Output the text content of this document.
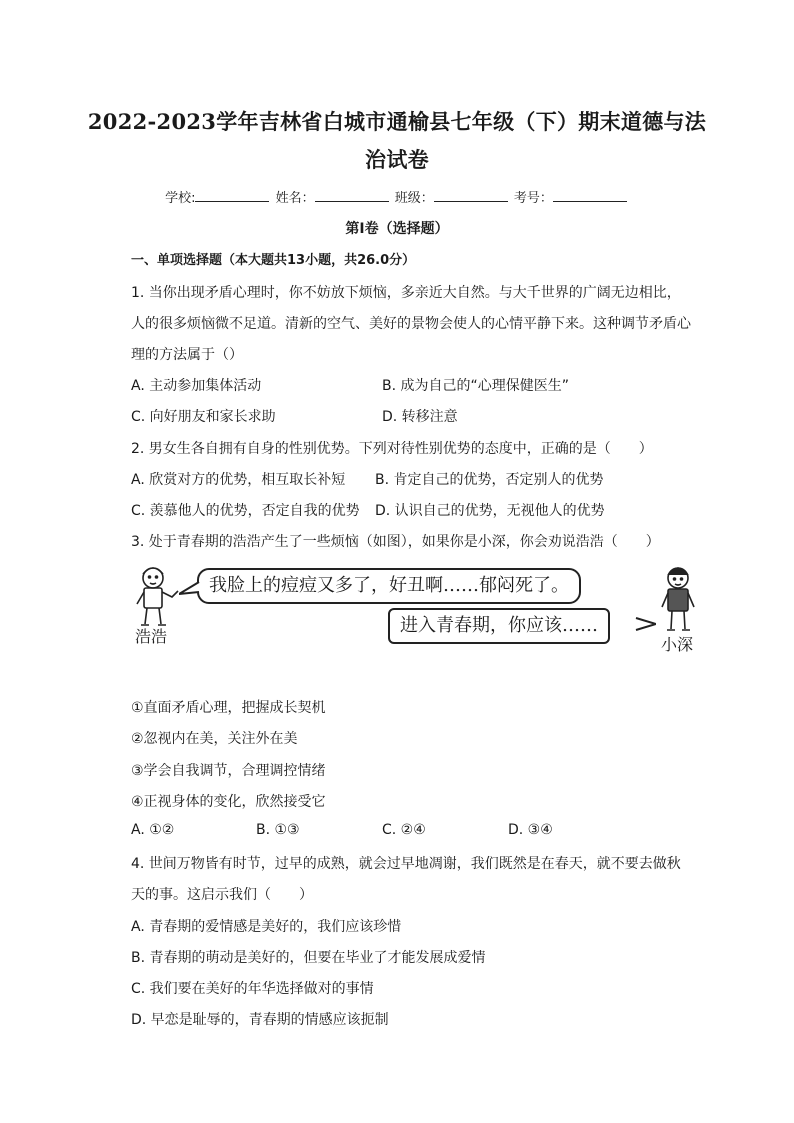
2022-2023学年吉林省白城市通榆县七年级（下）期末道德与法
治试卷
学校:	姓名：	班级：	考号：
第Ⅰ卷（选择题）
一、单项选择题（本大题共13小题，共26.0分）
1. 当你出现矛盾心理时，你不妨放下烦恼，多亲近大自然。与大千世界的广阔无边相比，
人的很多烦恼微不足道。清新的空气、美好的景物会使人的心情平静下来。这种调节矛盾心
理的方法属于（）
A. 主动参加集体活动	B. 成为自己的“心理保健医生”
C. 向好朋友和家长求助	D. 转移注意
2. 男女生各自拥有自身的性别优势。下列对待性别优势的态度中，正确的是（　　）
A. 欣赏对方的优势，相互取长补短 B. 肯定自己的优势，否定别人的优势
C. 羡慕他人的优势，否定自我的优势 D. 认识自己的优势，无视他人的优势
3. 处于青春期的浩浩产生了一些烦恼（如图），如果你是小深，你会劝说浩浩（　　）
浩浩
我脸上的痘痘又多了，好丑啊……郁闷死了。
进入青春期，你应该……
小深
①直面矛盾心理，把握成长契机
②忽视内在美，关注外在美
③学会自我调节，合理调控情绪
④正视身体的变化，欣然接受它
A. ①②	B. ①③	C. ②④	D. ③④
4. 世间万物皆有时节，过早的成熟，就会过早地凋谢，我们既然是在春天，就不要去做秋
天的事。这启示我们（　　）
A. 青春期的爱情感是美好的，我们应该珍惜
B. 青春期的萌动是美好的，但要在毕业了才能发展成爱情
C. 我们要在美好的年华选择做对的事情
D. 早恋是耻辱的，青春期的情感应该扼制
